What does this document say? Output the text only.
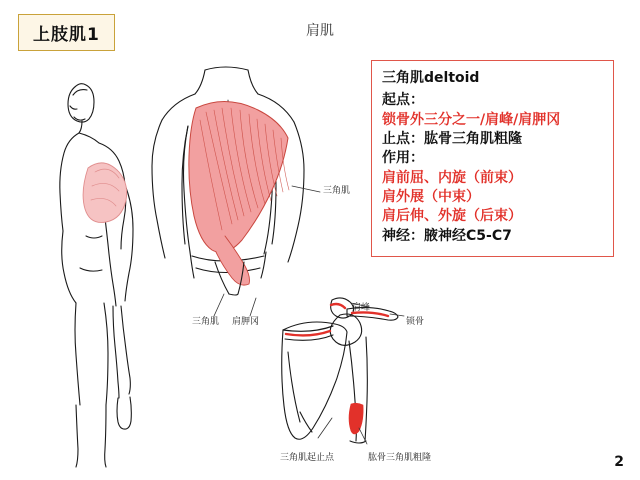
上肢肌1	肩肌
2
三角肌deltoid
起点：
锁骨外三分之一/肩峰/肩胛冈
止点：肱骨三角肌粗隆
作用：
肩前屈、内旋（前束）
肩外展（中束）
肩后伸、外旋（后束）
神经：腋神经C5-C7
三角肌
三角肌 肩胛冈
肩峰
锁骨
三角肌起止点	肱骨三角肌粗隆
